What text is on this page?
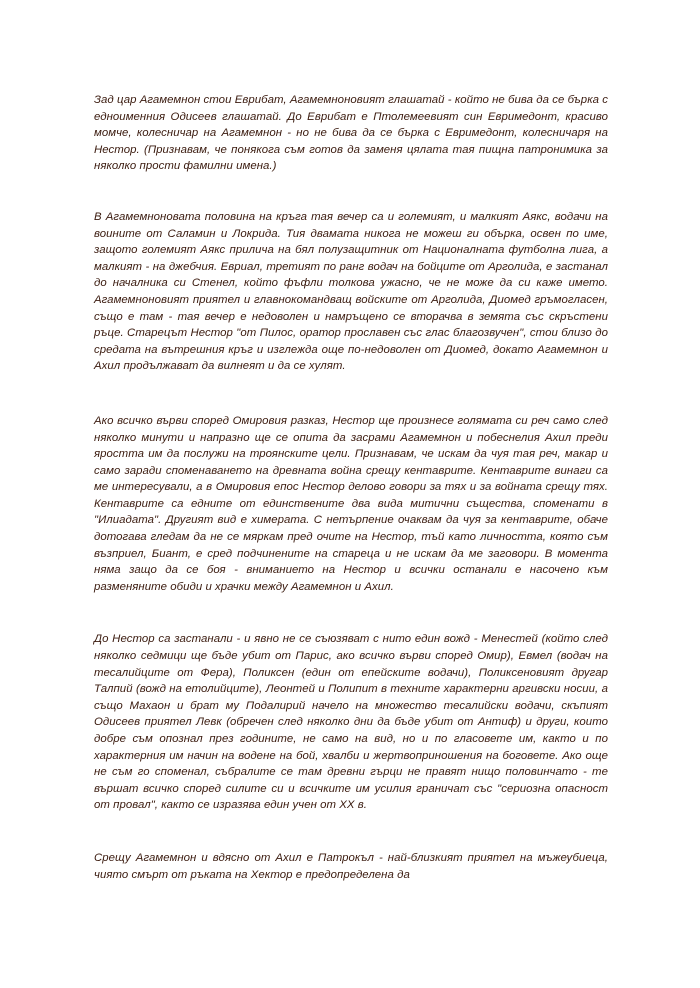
Зад цар Агамемнон стои Еврибат, Агамемноновият глашатай - който не бива да се бърка с едноименния Одисеев глашатай. До Еврибат е Птолемеевият син Евримедонт, красиво момче, колесничар на Агамемнон - но не бива да се бърка с Евримедонт, колесничаря на Нестор. (Признавам, че понякога съм готов да заменя цялата тая пищна патронимика за няколко прости фамилни имена.)

В Агамемноновата половина на кръга тая вечер са и големият, и малкият Аякс, водачи на воините от Саламин и Локрида. Тия двамата никога не можеш ги объркa, освен по име, защото големият Аякс прилича на бял полузащитник от Националната футболна лига, а малкият - на джебчия. Евриал, третият по ранг водач на бойците от Арголида, е застанал до началника си Стенел, който фъфли толкова ужасно, че не може да си каже името. Агамемноновият приятел и главнокомандващ войските от Арголида, Диомед гръмогласен, също е там - тая вечер е недоволен и намръщено се вторачва в земята със скръстени ръце. Старецът Нестор "от Пилос, оратор прославен със глас благозвучен", стои близо до средата на вътрешния кръг и изглежда още по-недоволен от Диомед, докато Агамемнон и Ахил продължават да вилнеят и да се хулят.

Ако всичко върви според Омировия разказ, Нестор ще произнесе голямата си реч само след няколко минути и напразно ще се опита да засрами Агамемнон и побеснелия Ахил преди яростта им да послужи на троянските цели. Признавам, че искам да чуя тая реч, макар и само заради споменаването на древната война срещу кентаврите. Кентаврите винаги са ме интересували, а в Омировия епос Нестор делово говори за тях и за войната срещу тях. Кентаврите са едните от единствените два вида митични същества, споменати в "Илиадата". Другият вид е химерата. С нетърпение очаквам да чуя за кентаврите, обаче дотогава гледам да не се мяркам пред очите на Нестор, тъй като личността, която съм възприел, Биант, е сред подчинените на стареца и не искам да ме заговори. В момента няма защо да се боя - вниманието на Нестор и всички останали е насочено към разменяните обиди и храчки между Агамемнон и Ахил.

До Нестор са застанали - и явно не се съюзяват с нито един вожд - Менестей (който след няколко седмици ще бъде убит от Парис, ако всичко върви според Омир), Евмел (водач на тесалийците от Фера), Поликсен (един от епейските водачи), Поликсеновият другар Талпий (вожд на етолийците), Леонтей и Полипит в техните характерни аргивски носии, а също Махаон и брат му Подалирий начело на множество тесалийски водачи, скъпият Одисеев приятел Левк (обречен след няколко дни да бъде убит от Антиф) и други, които добре съм опознал през годините, не само на вид, но и по гласовете им, както и по характерния им начин на водене на бой, хвалби и жертвоприношения на боговете. Ако още не съм го споменал, събралите се там древни гърци не правят нищо половинчато - те вършат всичко според силите си и всичките им усилия граничат със "сериозна опасност от провал", както се изразява един учен от XX в.

Срещу Агамемнон и вдясно от Ахил е Патрокъл - най-близкият приятел на мъжеубиеца, чиято смърт от ръката на Хектор е предопределена да
